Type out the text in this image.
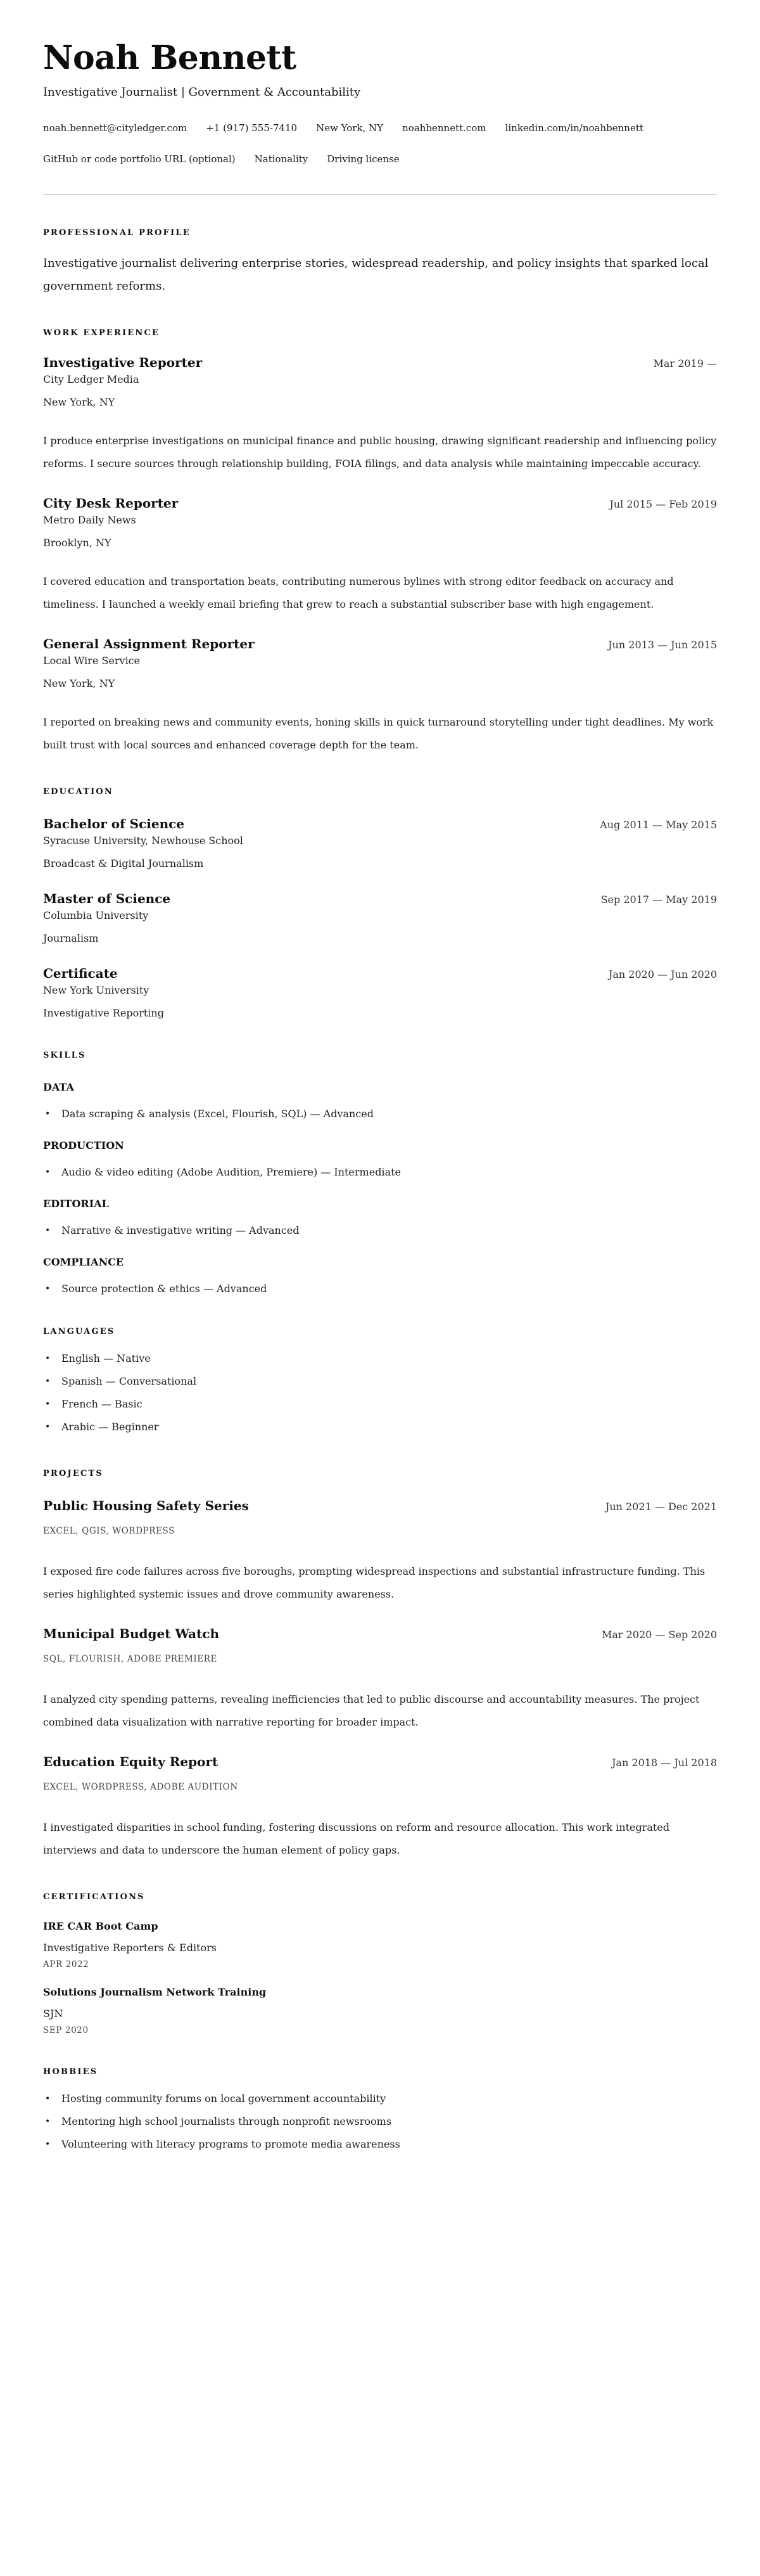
Noah Bennett
Investigative Journalist | Government & Accountability
noah.bennett@cityledger.com +1 (917) 555-7410 New York, NY noahbennett.com linkedin.com/in/noahbennett
GitHub or code portfolio URL (optional) Nationality Driving license
PROFESSIONAL PROFILE

Investigative journalist delivering enterprise stories, widespread readership, and policy insights that sparked local government reforms.

WORK EXPERIENCE
Investigative Reporter	Mar 2019 —
City Ledger Media
New York, NY

I produce enterprise investigations on municipal finance and public housing, drawing significant readership and influencing policy reforms. I secure sources through relationship building, FOIA filings, and data analysis while maintaining impeccable accuracy.

City Desk Reporter	Jul 2015 — Feb 2019
Metro Daily News
Brooklyn, NY

I covered education and transportation beats, contributing numerous bylines with strong editor feedback on accuracy and timeliness. I launched a weekly email briefing that grew to reach a substantial subscriber base with high engagement.

General Assignment Reporter	Jun 2013 — Jun 2015
Local Wire Service
New York, NY

I reported on breaking news and community events, honing skills in quick turnaround storytelling under tight deadlines. My work built trust with local sources and enhanced coverage depth for the team.

EDUCATION
Bachelor of Science	Aug 2011 — May 2015
Syracuse University, Newhouse School
Broadcast & Digital Journalism
Master of Science	Sep 2017 — May 2019
Columbia University
Journalism
Certificate	Jan 2020 — Jun 2020
New York University
Investigative Reporting
SKILLS
DATA
• Data scraping & analysis (Excel, Flourish, SQL) — Advanced
PRODUCTION
• Audio & video editing (Adobe Audition, Premiere) — Intermediate
EDITORIAL
• Narrative & investigative writing — Advanced
COMPLIANCE
• Source protection & ethics — Advanced
LANGUAGES
• English — Native
• Spanish — Conversational
• French — Basic
• Arabic — Beginner
PROJECTS
Public Housing Safety Series	Jun 2021 — Dec 2021
EXCEL, QGIS, WORDPRESS

I exposed fire code failures across five boroughs, prompting widespread inspections and substantial infrastructure funding. This series highlighted systemic issues and drove community awareness.

Municipal Budget Watch	Mar 2020 — Sep 2020
SQL, FLOURISH, ADOBE PREMIERE

I analyzed city spending patterns, revealing inefficiencies that led to public discourse and accountability measures. The project combined data visualization with narrative reporting for broader impact.

Education Equity Report	Jan 2018 — Jul 2018
EXCEL, WORDPRESS, ADOBE AUDITION

I investigated disparities in school funding, fostering discussions on reform and resource allocation. This work integrated interviews and data to underscore the human element of policy gaps.

CERTIFICATIONS
IRE CAR Boot Camp
Investigative Reporters & Editors
APR 2022
Solutions Journalism Network Training
SJN
SEP 2020
HOBBIES
• Hosting community forums on local government accountability
• Mentoring high school journalists through nonprofit newsrooms
• Volunteering with literacy programs to promote media awareness
